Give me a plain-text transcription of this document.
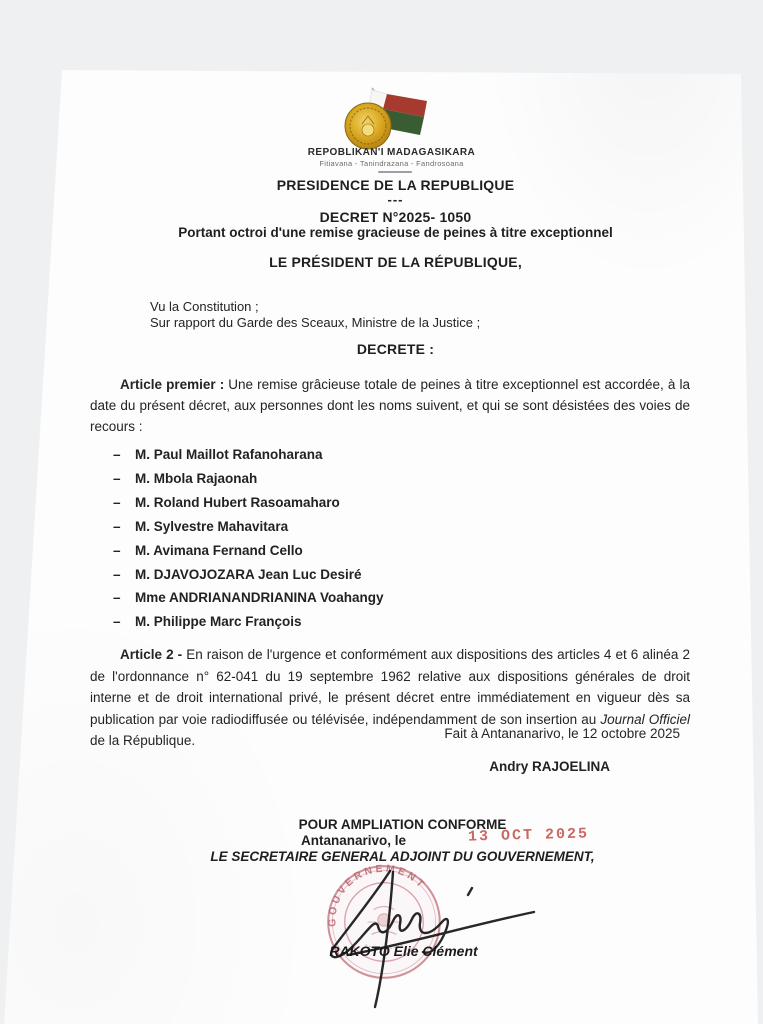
REPOBLIKAN'I MADAGASIKARA
Fitiavana - Tanindrazana - Fandrosoana
PRESIDENCE DE LA REPUBLIQUE
---
DECRET N°2025- 1050
Portant octroi d'une remise gracieuse de peines à titre exceptionnel
LE PRÉSIDENT DE LA RÉPUBLIQUE,
Vu la Constitution ;
Sur rapport du Garde des Sceaux, Ministre de la Justice ;
DECRETE :
Article premier : Une remise grâcieuse totale de peines à titre exceptionnel est accordée, à la date du présent décret, aux personnes dont les noms suivent, et qui se sont désistées des voies de recours :
– M. Paul Maillot Rafanoharana
– M. Mbola Rajaonah
– M. Roland Hubert Rasoamaharo
– M. Sylvestre Mahavitara
– M. Avimana Fernand Cello
– M. DJAVOJOZARA Jean Luc Desiré
– Mme ANDRIANANDRIANINA Voahangy
– M. Philippe Marc François
Article 2 - En raison de l'urgence et conformément aux dispositions des articles 4 et 6 alinéa 2 de l'ordonnance n° 62-041 du 19 septembre 1962 relative aux dispositions générales de droit interne et de droit international privé, le présent décret entre immédiatement en vigueur dès sa publication par voie radiodiffusée ou télévisée, indépendamment de son insertion au Journal Officiel de la République.	Fait à Antananarivo, le 12 octobre 2025
Andry RAJOELINA
POUR AMPLIATION CONFORME
Antananarivo, le	13 OCT 2025
LE SECRETAIRE GENERAL ADJOINT DU GOUVERNEMENT,
GOUVERNEMENT
RAKOTO Elie Clément
